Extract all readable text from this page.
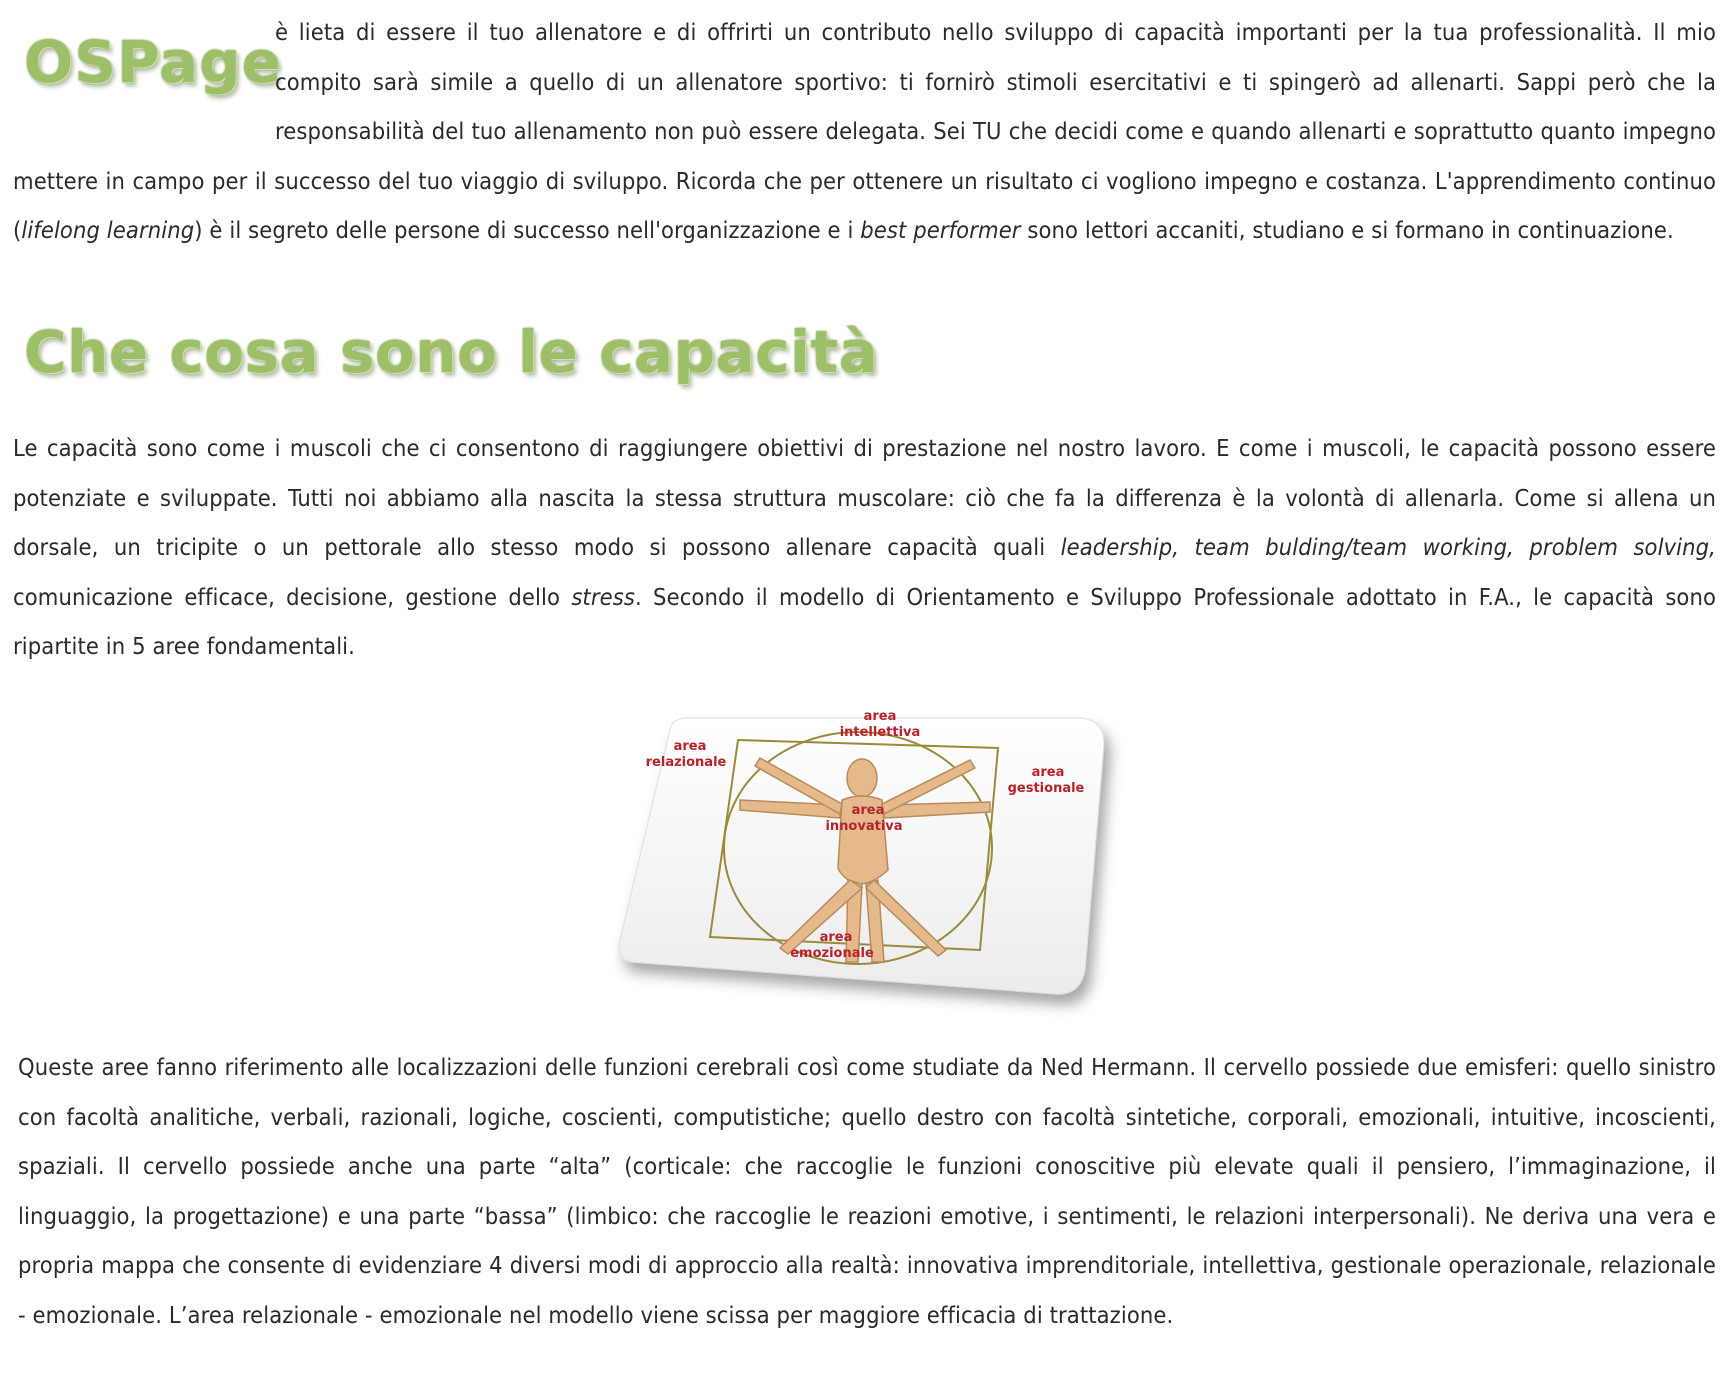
OSPage
è lieta di essere il tuo allenatore e di offrirti un contributo nello sviluppo di capacità importanti per la tua professionalità. Il mio compito sarà simile a quello di un allenatore sportivo: ti fornirò stimoli esercitativi e ti spingerò ad allenarti. Sappi però che la responsabilità del tuo allenamento non può essere delegata. Sei TU che decidi come e quando allenarti e soprattutto quanto impegno mettere in campo per il successo del tuo viaggio di sviluppo. Ricorda che per ottenere un risultato ci vogliono impegno e costanza. L'apprendimento continuo (lifelong learning) è il segreto delle persone di successo nell'organizzazione e i best performer sono lettori accaniti, studiano e si formano in continuazione.
Che cosa sono le capacità
Le capacità sono come i muscoli che ci consentono di raggiungere obiettivi di prestazione nel nostro lavoro. E come i muscoli, le capacità possono essere potenziate e sviluppate. Tutti noi abbiamo alla nascita la stessa struttura muscolare: ciò che fa la differenza è la volontà di allenarla. Come si allena un dorsale, un tricipite o un pettorale allo stesso modo si possono allenare capacità quali leadership, team bulding/team working, problem solving, comunicazione efficace, decisione, gestione dello stress. Secondo il modello di Orientamento e Sviluppo Professionale adottato in F.A., le capacità sono ripartite in 5 aree fondamentali.
area
intellettiva
area
relazionale
area
gestionale
area
innovativa
area
emozionale
Queste aree fanno riferimento alle localizzazioni delle funzioni cerebrali così come studiate da Ned Hermann. Il cervello possiede due emisferi: quello sinistro con facoltà analitiche, verbali, razionali, logiche, coscienti, computistiche; quello destro con facoltà sintetiche, corporali, emozionali, intuitive, incoscienti, spaziali. Il cervello possiede anche una parte “alta” (corticale: che raccoglie le funzioni conoscitive più elevate quali il pensiero, l’immaginazione, il linguaggio, la progettazione) e una parte “bassa” (limbico: che raccoglie le reazioni emotive, i sentimenti, le relazioni interpersonali). Ne deriva una vera e propria mappa che consente di evidenziare 4 diversi modi di approccio alla realtà: innovativa imprenditoriale, intellettiva, gestionale operazionale, relazionale - emozionale. L’area relazionale - emozionale nel modello viene scissa per maggiore efficacia di trattazione.
